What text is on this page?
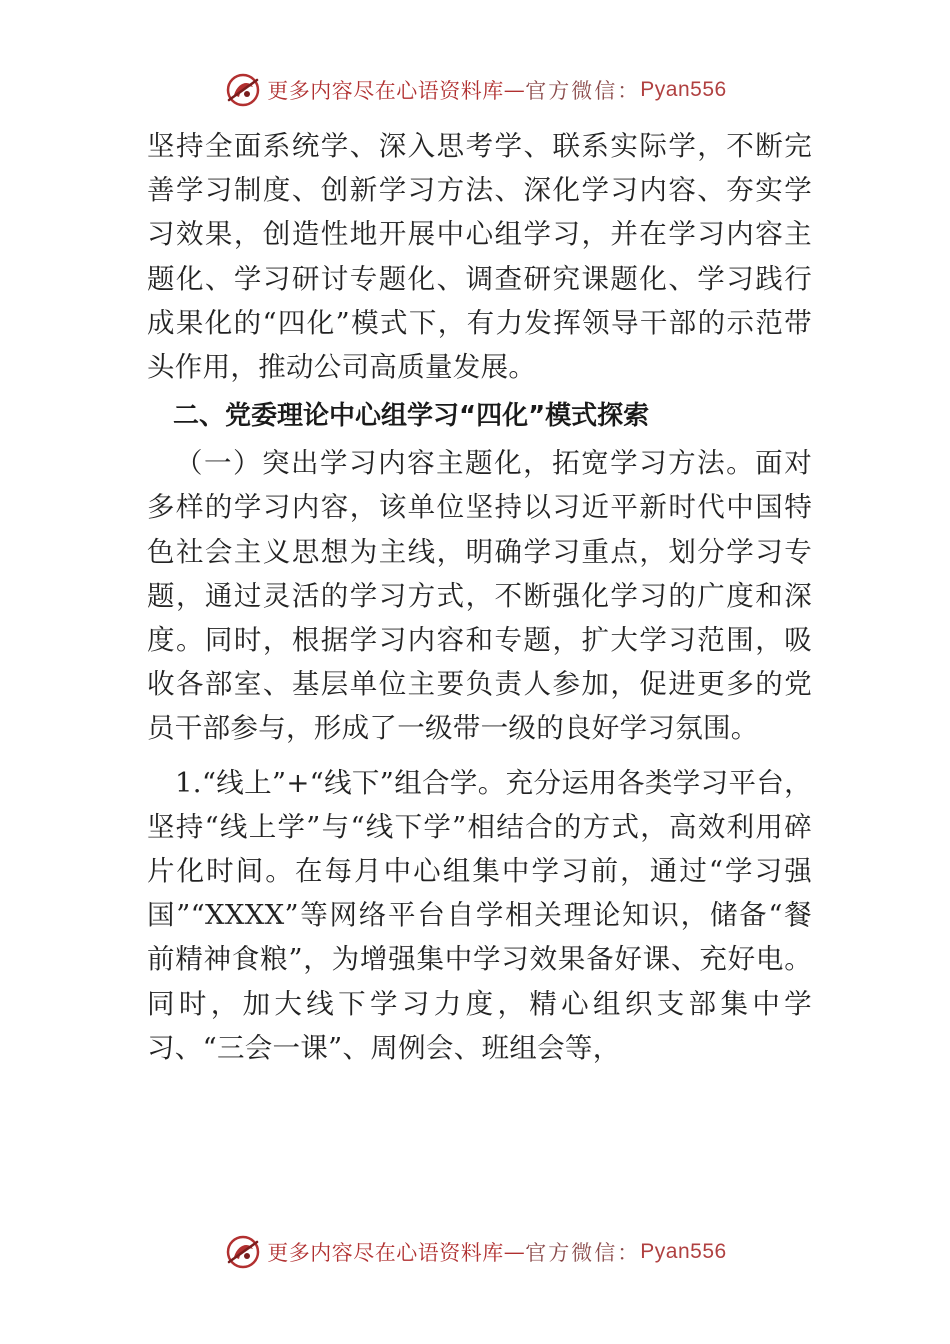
更多内容尽在心语资料库 — 官方微信： Pyan556

坚持全面系统学、深入思考学、联系实际学，不断完善学习制度、创新学习方法、深化学习内容、夯实学习效果，创造性地开展中心组学习，并在学习内容主题化、学习研讨专题化、调查研究课题化、学习践行成果化的“四化”模式下，有力发挥领导干部的示范带头作用，推动公司高质量发展。

二、党委理论中心组学习“四化”模式探索

（一）突出学习内容主题化，拓宽学习方法。面对多样的学习内容，该单位坚持以习近平新时代中国特色社会主义思想为主线，明确学习重点，划分学习专题，通过灵活的学习方式，不断强化学习的广度和深度。同时，根据学习内容和专题，扩大学习范围，吸收各部室、基层单位主要负责人参加，促进更多的党员干部参与，形成了一级带一级的良好学习氛围。

1.“线上”+“线下”组合学。充分运用各类学习平台，坚持“线上学”与“线下学”相结合的方式，高效利用碎片化时间。在每月中心组集中学习前，通过“学习强国”“XXXX”等网络平台自学相关理论知识，储备“餐前精神食粮”，为增强集中学习效果备好课、充好电。同时，加大线下学习力度，精心组织支部集中学习、“三会一课”、周例会、班组会等，

更多内容尽在心语资料库 — 官方微信： Pyan556
